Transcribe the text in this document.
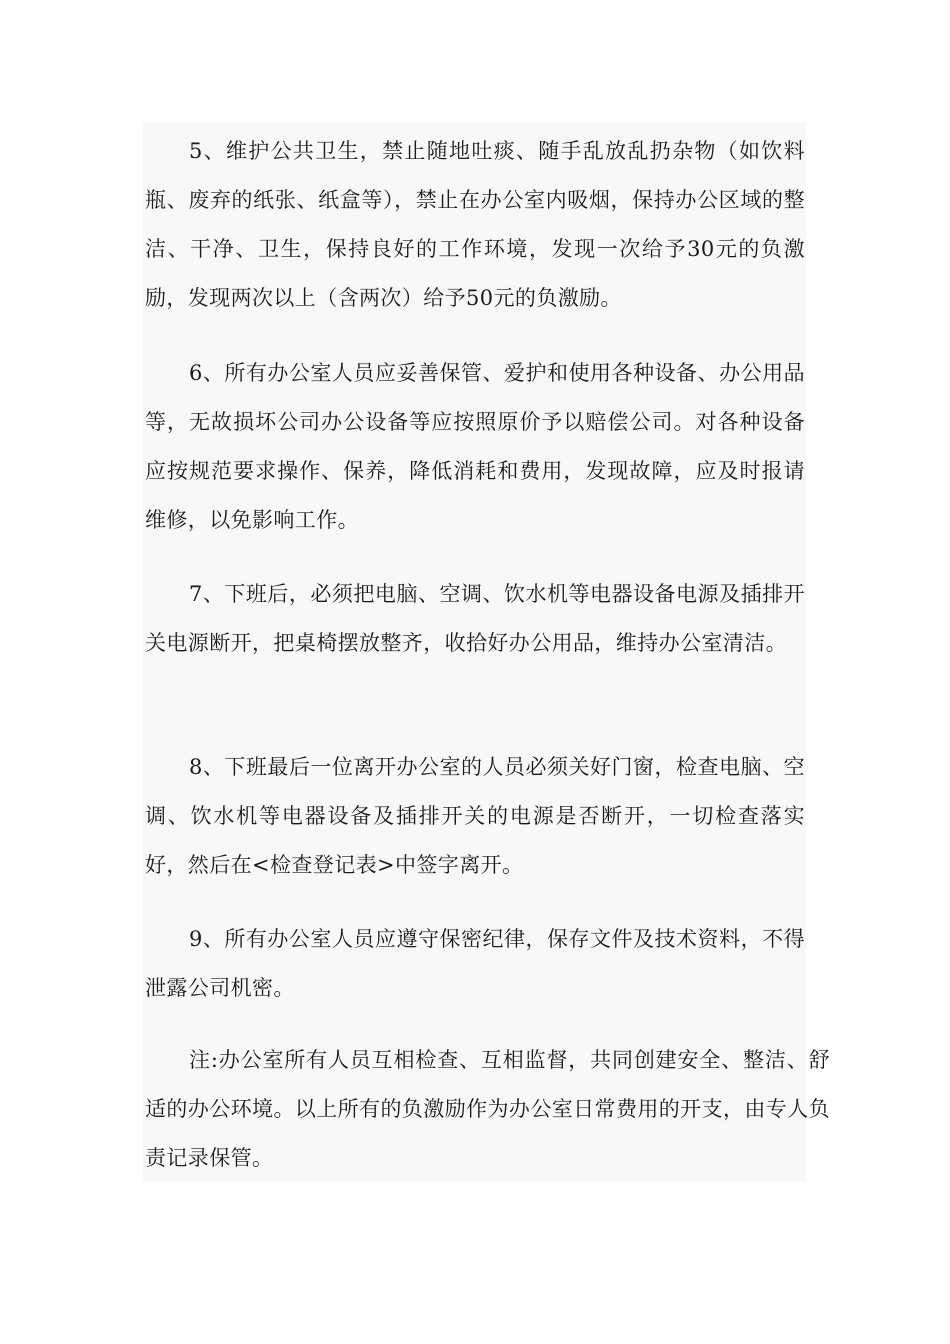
5、维护公共卫生，禁止随地吐痰、随手乱放乱扔杂物（如饮料瓶、废弃的纸张、纸盒等），禁止在办公室内吸烟，保持办公区域的整洁、干净、卫生，保持良好的工作环境，发现一次给予30元的负激励，发现两次以上（含两次）给予50元的负激励。

6、所有办公室人员应妥善保管、爱护和使用各种设备、办公用品等，无故损坏公司办公设备等应按照原价予以赔偿公司。对各种设备应按规范要求操作、保养，降低消耗和费用，发现故障，应及时报请维修，以免影响工作。

7、下班后，必须把电脑、空调、饮水机等电器设备电源及插排开关电源断开，把桌椅摆放整齐，收拾好办公用品，维持办公室清洁。

8、下班最后一位离开办公室的人员必须关好门窗，检查电脑、空调、饮水机等电器设备及插排开关的电源是否断开，一切检查落实好，然后在<检查登记表>中签字离开。

9、所有办公室人员应遵守保密纪律，保存文件及技术资料，不得泄露公司机密。

注:办公室所有人员互相检查、互相监督，共同创建安全、整洁、舒适的办公环境。以上所有的负激励作为办公室日常费用的开支，由专人负责记录保管。
